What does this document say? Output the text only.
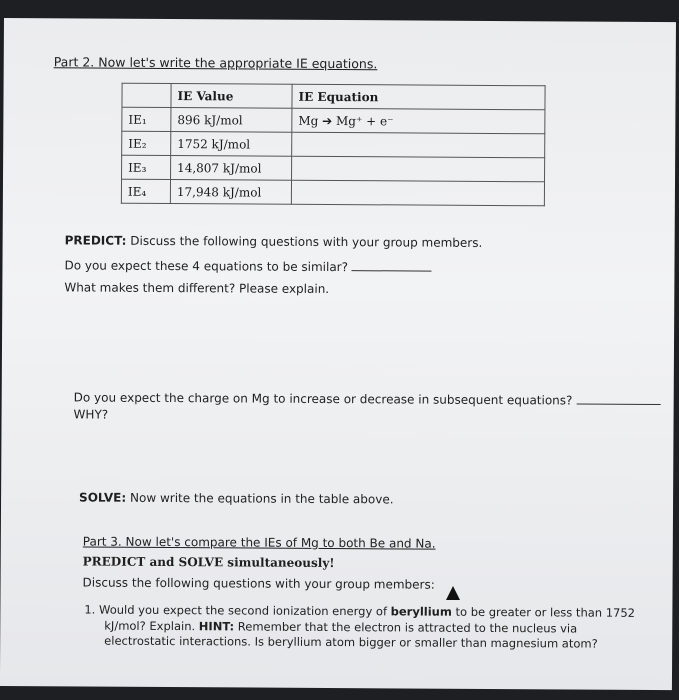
Part 2. Now let's write the appropriate IE equations.
	IE Value	IE Equation
IE₁	896 kJ/mol	Mg ➔ Mg⁺ + e⁻
IE₂	1752 kJ/mol	
IE₃	14,807 kJ/mol	
IE₄	17,948 kJ/mol	
PREDICT: Discuss the following questions with your group members.
Do you expect these 4 equations to be similar?
What makes them different? Please explain.
Do you expect the charge on Mg to increase or decrease in subsequent equations?
WHY?
SOLVE: Now write the equations in the table above.
Part 3. Now let's compare the IEs of Mg to both Be and Na.
PREDICT and SOLVE simultaneously!
Discuss the following questions with your group members:
1. Would you expect the second ionization energy of beryllium to be greater or less than 1752
kJ/mol? Explain. HINT: Remember that the electron is attracted to the nucleus via
electrostatic interactions. Is beryllium atom bigger or smaller than magnesium atom?
